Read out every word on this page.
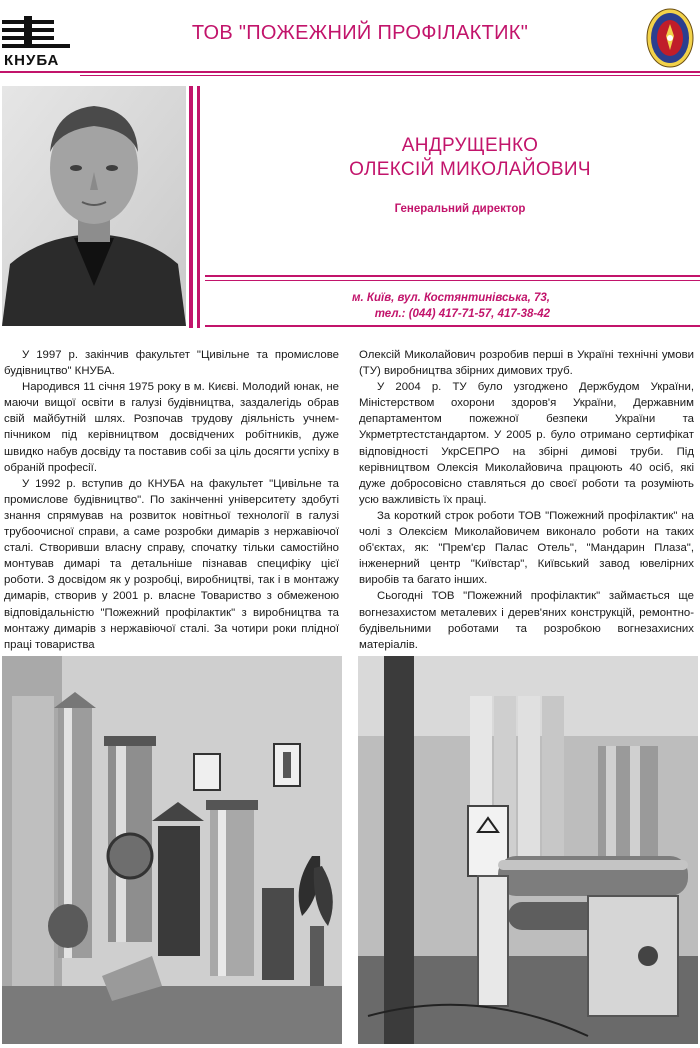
КНУБА
ТОВ "ПОЖЕЖНИЙ ПРОФІЛАКТИК"
АНДРУЩЕНКО
ОЛЕКСІЙ МИКОЛАЙОВИЧ
Генеральний директор
м. Київ, вул. Костянтинівська, 73,
тел.: (044) 417-71-57, 417-38-42

У 1997 р. закінчив факультет "Цивільне та промислове будівництво" КНУБА.

Народився 11 січня 1975 року в м. Києві. Молодий юнак, не маючи вищої освіти в галузі будівництва, заздалегідь обрав свій майбутній шлях. Розпочав трудову діяльність учнем-пічником під керівництвом досвідчених робітників, дуже швидко набув досвіду та поставив собі за ціль досягти успіху в обраній професії.

У 1992 р. вступив до КНУБА на факультет "Цивільне та промислове будівництво". По закінченні університету здобуті знання спрямував на розвиток новітньої технології в галузі трубоочисної справи, а саме розробки димарів з нержавіючої сталі. Створивши власну справу, спочатку тільки самостійно монтував димарі та детальніше пізнавав специфіку цієї роботи. З досвідом як у розробці, виробництві, так і в монтажу димарів, створив у 2001 р. власне Товариство з обмеженою відповідальністю "Пожежний профілактик" з виробництва та монтажу димарів з нержавіючої сталі. За чотири роки плідної праці товариства

Олексій Миколайович розробив перші в Україні технічні умови (ТУ) виробництва збірних димових труб.

У 2004 р. ТУ було узгоджено Держбудом України, Міністерством охорони здоров'я України, Державним департаментом пожежної безпеки України та Укрметртестстандартом. У 2005 р. було отримано сертифікат відповідності УкрСЕПРО на збірні димові труби. Під керівництвом Олексія Миколайовича працюють 40 осіб, які дуже добросовісно ставляться до своєї роботи та розуміють усю важливість їх праці.

За короткий строк роботи ТОВ "Пожежний профілактик" на чолі з Олексієм Миколайовичем виконало роботи на таких об'єктах, як: "Прем'єр Палас Отель", "Мандарин Плаза", інженерний центр "Київстар", Київський завод ювелірних виробів та багато інших.

Сьогодні ТОВ "Пожежний профілактик" займається ще вогнезахистом металевих і дерев'яних конструкцій, ремонтно-будівельними роботами та розробкою вогнезахисних матеріалів.
